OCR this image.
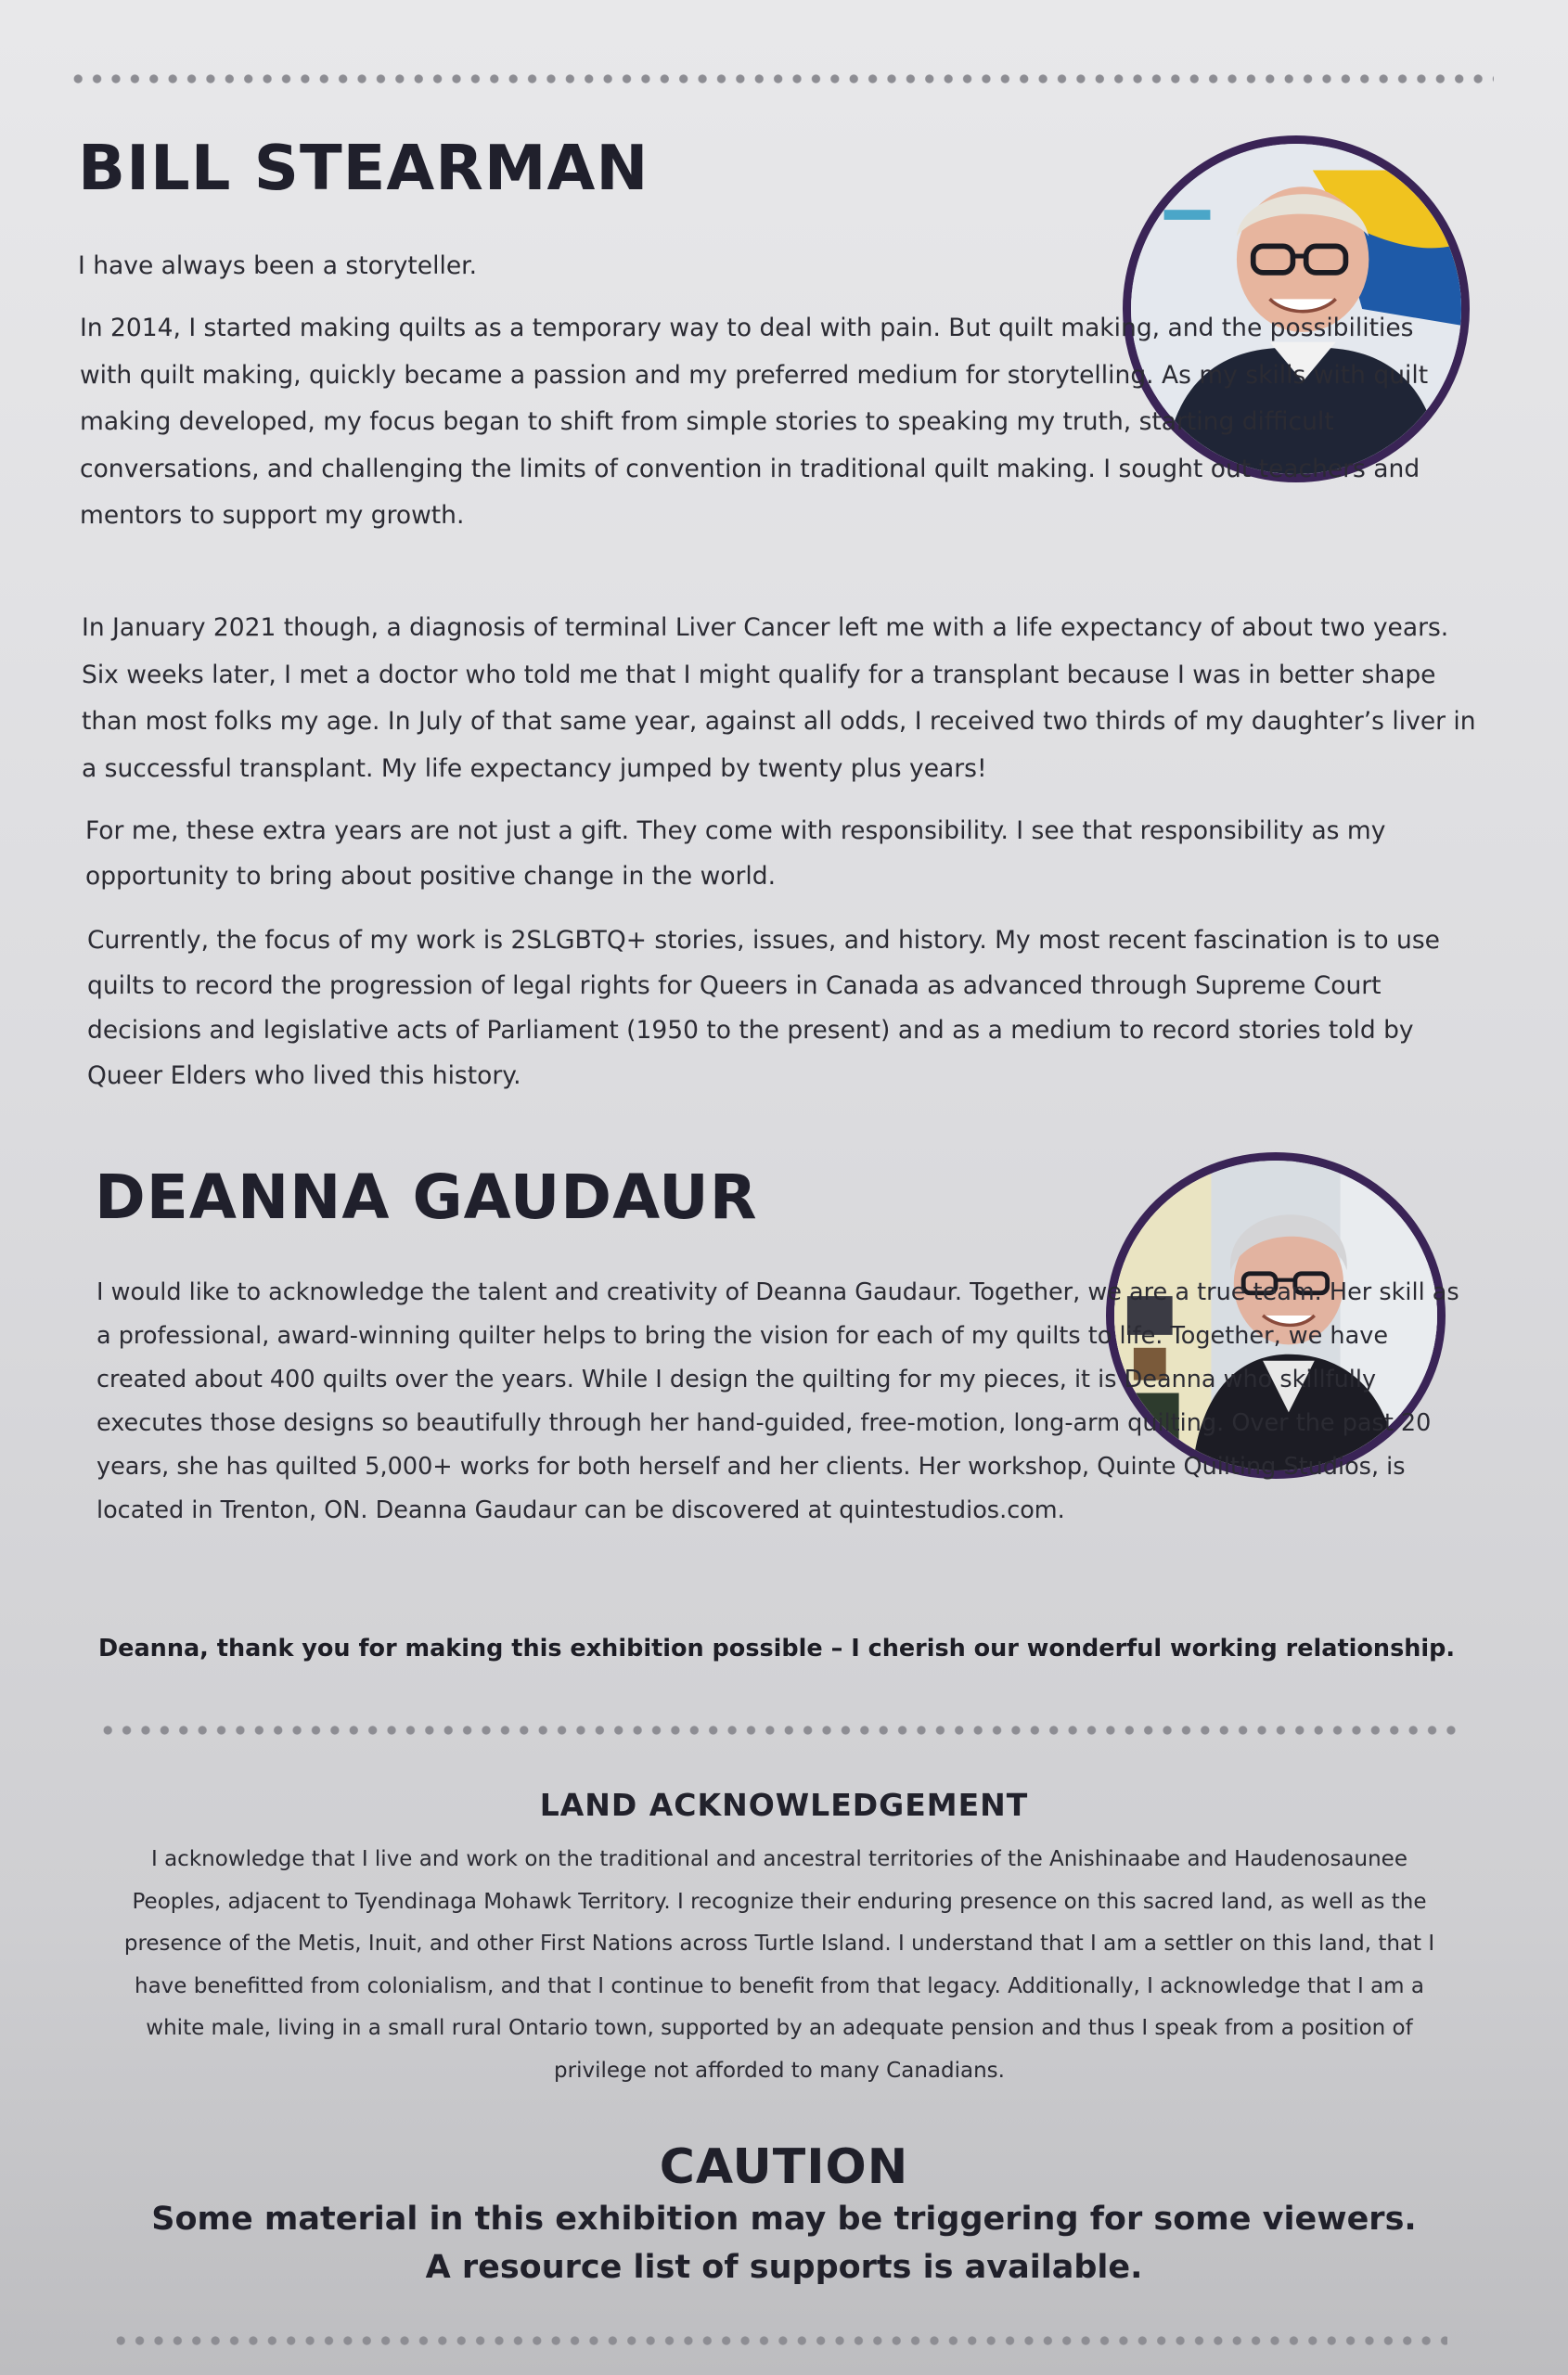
BILL STEARMAN

I have always been a storyteller.

In 2014, I started making quilts as a temporary way to deal with pain. But quilt making, and the possibilities with quilt making, quickly became a passion and my preferred medium for storytelling. As my skills with quilt making developed, my focus began to shift from simple stories to speaking my truth, starting difficult conversations, and challenging the limits of convention in traditional quilt making. I sought out teachers and mentors to support my growth.

In January 2021 though, a diagnosis of terminal Liver Cancer left me with a life expectancy of about two years. Six weeks later, I met a doctor who told me that I might qualify for a transplant because I was in better shape than most folks my age. In July of that same year, against all odds, I received two thirds of my daughter’s liver in a successful transplant. My life expectancy jumped by twenty plus years!

For me, these extra years are not just a gift. They come with responsibility. I see that responsibility as my opportunity to bring about positive change in the world.

Currently, the focus of my work is 2SLGBTQ+ stories, issues, and history. My most recent fascination is to use quilts to record the progression of legal rights for Queers in Canada as advanced through Supreme Court decisions and legislative acts of Parliament (1950 to the present) and as a medium to record stories told by Queer Elders who lived this history.

DEANNA GAUDAUR

I would like to acknowledge the talent and creativity of Deanna Gaudaur. Together, we are a true team. Her skill as a professional, award-winning quilter helps to bring the vision for each of my quilts to life. Together, we have created about 400 quilts over the years. While I design the quilting for my pieces, it is Deanna who skillfully executes those designs so beautifully through her hand-guided, free-motion, long-arm quilting. Over the past 20 years, she has quilted 5,000+ works for both herself and her clients. Her workshop, Quinte Quilting Studios, is located in Trenton, ON. Deanna Gaudaur can be discovered at quintestudios.com.

Deanna, thank you for making this exhibition possible – I cherish our wonderful working relationship.

LAND ACKNOWLEDGEMENT

I acknowledge that I live and work on the traditional and ancestral territories of the Anishinaabe and Haudenosaunee Peoples, adjacent to Tyendinaga Mohawk Territory. I recognize their enduring presence on this sacred land, as well as the presence of the Metis, Inuit, and other First Nations across Turtle Island. I understand that I am a settler on this land, that I have benefitted from colonialism, and that I continue to benefit from that legacy. Additionally, I acknowledge that I am a white male, living in a small rural Ontario town, supported by an adequate pension and thus I speak from a position of privilege not afforded to many Canadians.

CAUTION

Some material in this exhibition may be triggering for some viewers.

A resource list of supports is available.
